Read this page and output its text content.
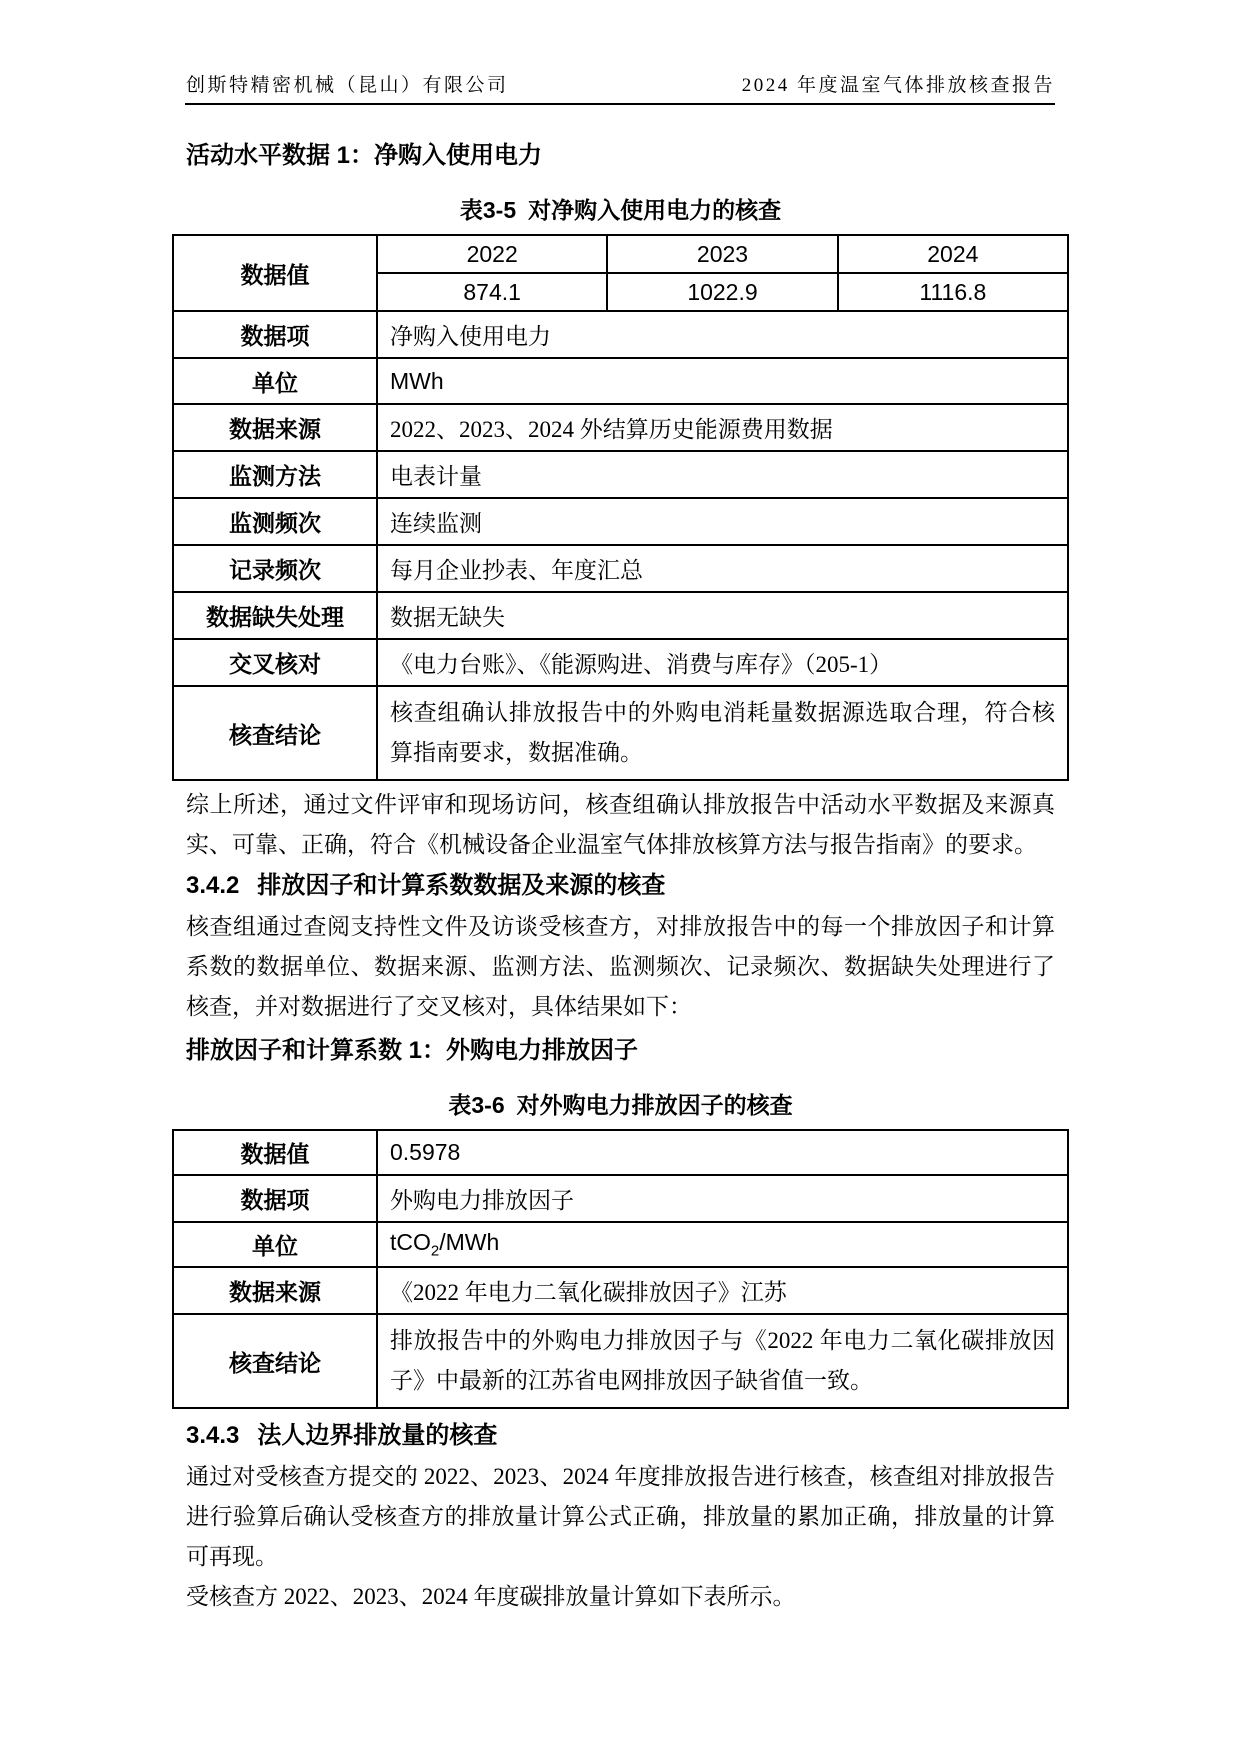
创斯特精密机械（昆山）有限公司	2024 年度温室气体排放核查报告
活动水平数据 1：净购入使用电力
表3-5 对净购入使用电力的核查
数据值	2022	2023	2024
	874.1	1022.9	1116.8
数据项	净购入使用电力		
单位	MWh		
数据来源	2022、2023、2024 外结算历史能源费用数据		
监测方法	电表计量		
监测频次	连续监测		
记录频次	每月企业抄表、年度汇总		
数据缺失处理	数据无缺失		
交叉核对	《电力台账》、《能源购进、消费与库存》（205-1）		
核查结论	核查组确认排放报告中的外购电消耗量数据源选取合理，符合核算指南要求，数据准确。		

综上所述，通过文件评审和现场访问，核查组确认排放报告中活动水平数据及来源真实、可靠、正确，符合《机械设备企业温室气体排放核算方法与报告指南》的要求。

3.4.2 排放因子和计算系数数据及来源的核查

核查组通过查阅支持性文件及访谈受核查方，对排放报告中的每一个排放因子和计算系数的数据单位、数据来源、监测方法、监测频次、记录频次、数据缺失处理进行了核查，并对数据进行了交叉核对，具体结果如下：

排放因子和计算系数 1：外购电力排放因子
表3-6 对外购电力排放因子的核查
数据值	0.5978
数据项	外购电力排放因子
单位	tCO$_2$/MWh
数据来源	《2022 年电力二氧化碳排放因子》江苏
核查结论	排放报告中的外购电力排放因子与《2022 年电力二氧化碳排放因子》中最新的江苏省电网排放因子缺省值一致。
3.4.3 法人边界排放量的核查

通过对受核查方提交的 2022、2023、2024 年度排放报告进行核查，核查组对排放报告进行验算后确认受核查方的排放量计算公式正确，排放量的累加正确，排放量的计算可再现。

受核查方 2022、2023、2024 年度碳排放量计算如下表所示。
